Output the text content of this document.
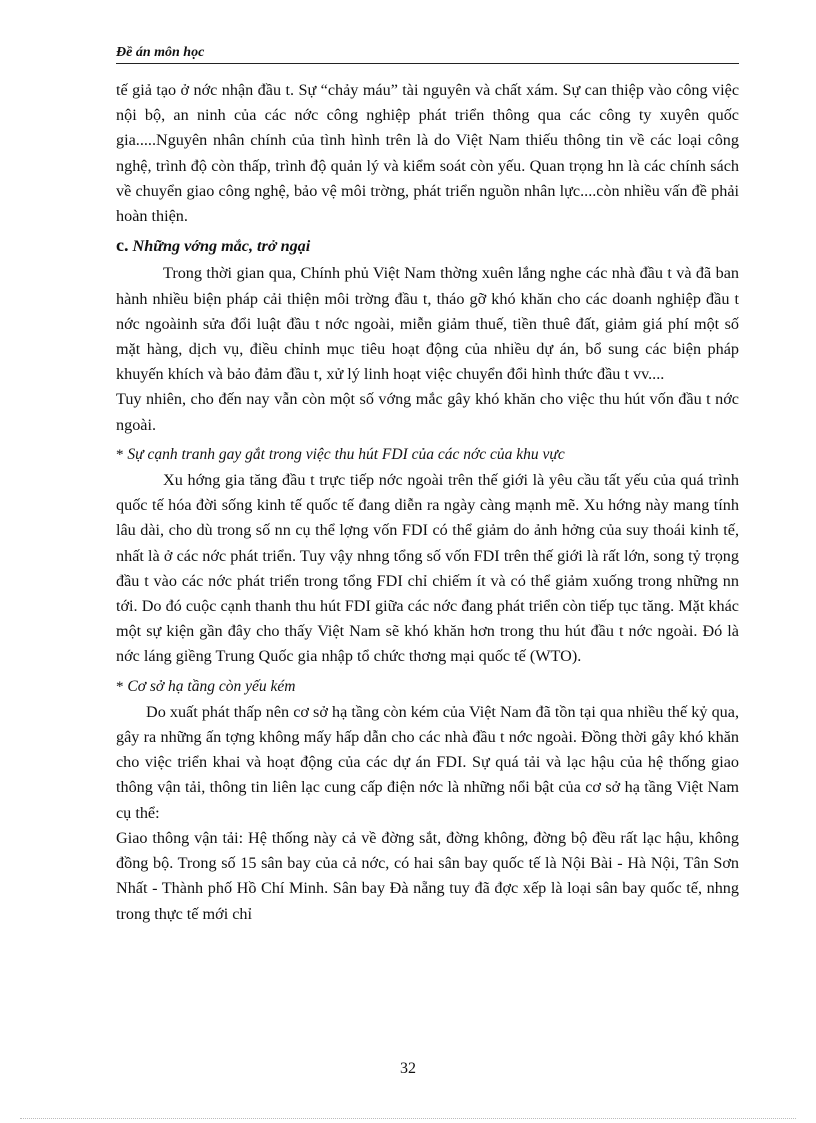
Đề án môn học

tế giả tạo ở nớc nhận đầu t. Sự “chảy máu” tài nguyên và chất xám. Sự can thiệp vào công việc nội bộ, an ninh của các nớc công nghiệp phát triển thông qua các công ty xuyên quốc gia.....Nguyên nhân chính của tình hình trên là do Việt Nam thiếu thông tin về các loại công nghệ, trình độ còn thấp, trình độ quản lý và kiểm soát còn yếu. Quan trọng hn là các chính sách về chuyển giao công nghệ, bảo vệ môi trờng, phát triển nguồn nhân lực....còn nhiều vấn đề phải hoàn thiện.

c. Những vớng mắc, trở ngại

Trong thời gian qua, Chính phủ Việt Nam thờng xuên lắng nghe các nhà đầu t và đã ban hành nhiều biện pháp cải thiện môi trờng đầu t, tháo gỡ khó khăn cho các doanh nghiệp đầu t nớc ngoàinh sửa đổi luật đầu t nớc ngoài, miễn giảm thuế, tiền thuê đất, giảm giá phí một số mặt hàng, dịch vụ, điều chỉnh mục tiêu hoạt động của nhiều dự án, bổ sung các biện pháp khuyến khích và bảo đảm đầu t, xử lý linh hoạt việc chuyển đổi hình thức đầu t vv....

Tuy nhiên, cho đến nay vẫn còn một số vớng mắc gây khó khăn cho việc thu hút vốn đầu t nớc ngoài.

* Sự cạnh tranh gay gắt trong việc thu hút FDI của các nớc của khu vực

Xu hớng gia tăng đầu t trực tiếp nớc ngoài trên thế giới là yêu cầu tất yếu của quá trình quốc tế hóa đời sống kinh tế quốc tế đang diễn ra ngày càng mạnh mẽ. Xu hớng này mang tính lâu dài, cho dù trong số nn cụ thể lợng vốn FDI có thể giảm do ảnh hởng của suy thoái kinh tế, nhất là ở các nớc phát triển. Tuy vậy nhng tổng số vốn FDI trên thế giới là rất lớn, song tỷ trọng đầu t vào các nớc phát triển trong tổng FDI chỉ chiếm ít và có thể giảm xuống trong những nn tới. Do đó cuộc cạnh thanh thu hút FDI giữa các nớc đang phát triển còn tiếp tục tăng. Mặt khác một sự kiện gần đây cho thấy Việt Nam sẽ khó khăn hơn trong thu hút đầu t nớc ngoài. Đó là nớc láng giềng Trung Quốc gia nhập tổ chức thơng mại quốc tế (WTO).

* Cơ sở hạ tầng còn yếu kém

Do xuất phát thấp nên cơ sở hạ tầng còn kém của Việt Nam đã tồn tại qua nhiều thế kỷ qua, gây ra những ấn tợng không mấy hấp dẫn cho các nhà đầu t nớc ngoài. Đồng thời gây khó khăn cho việc triển khai và hoạt động của các dự án FDI. Sự quá tải và lạc hậu của hệ thống giao thông vận tải, thông tin liên lạc cung cấp điện nớc là những nổi bật của cơ sở hạ tầng Việt Nam cụ thể:

Giao thông vận tải: Hệ thống này cả về đờng sắt, đờng không, đờng bộ đều rất lạc hậu, không đồng bộ. Trong số 15 sân bay của cả nớc, có hai sân bay quốc tế là Nội Bài - Hà Nội, Tân Sơn Nhất - Thành phố Hồ Chí Minh. Sân bay Đà nẵng tuy đã đợc xếp là loại sân bay quốc tế, nhng trong thực tế mới chỉ

32
